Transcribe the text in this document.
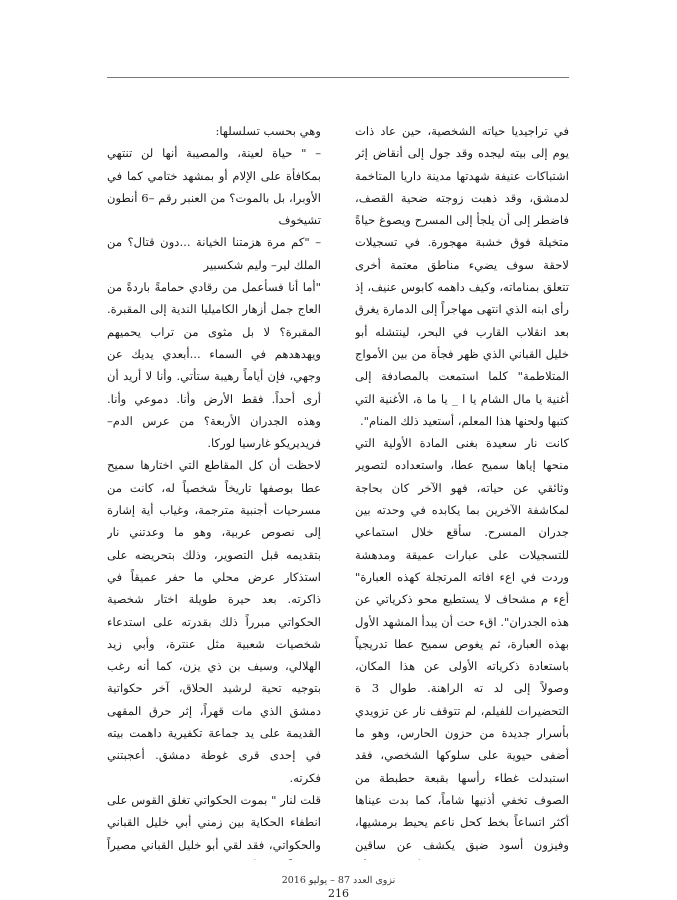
في تراجيديا حياته الشخصية، حين عاد ذات يوم إلى بيته ليجده وقد جول إلى أنقاض إثر اشتباكات عنيفة شهدتها مدينة داريا المتاخمة لدمشق، وقد ذهبت زوجته ضحية القصف، فاضطر إلى أن يلجأ إلى المسرح ويصوغ حياةً متخيلة فوق خشبة مهجورة. في تسجيلات لاحقة سوف يضيء مناطق معتمة أخرى تتعلق بمناماته، وكيف داهمه كابوس عنيف، إذ رأى ابنه الذي انتهى مهاجراً إلى الدمارة يغرق بعد انقلاب القارب في البحر، لينتشله أبو خليل القباني الذي ظهر فجأة من بين الأمواج المتلاطمة" كلما استمعت بالمصادفة إلى أغنية يا مال الشام يا ا _ يا ما ة، الأغنية التي كتبها ولحنها هذا المعلم، أستعيد ذلك المنام".

كانت نار سعيدة بغنى المادة الأولية التي منحها إياها سميح عطا، واستعداده لتصوير وثائقي عن حياته، فهو الآخر كان بحاجة لمكاشفة الآخرين بما يكابده في وحدته بين جدران المسرح. سأقع خلال استماعي للتسجيلات على عبارات عميقة ومدهشة وردت في اعء افاته المرتجلة كهذه العبارة" أعء م مشحاف لا يستطيع محو ذكرياتي عن هذه الجدران". اقء حت أن يبدأ المشهد الأول بهذه العبارة، ثم يغوص سميح عطا تدريجياً باستعادة ذكرياته الأولى عن هذا المكان، وصولاً إلى لد ته الراهنة. طوال 3 ة التحضيرات للفيلم، لم تتوقف نار عن تزويدي بأسرار جديدة من حزون الحارس، وهو ما أضفى حيوية على سلوكها الشخصي، فقد استبدلت غطاء رأسها بقبعة حطبطة من الصوف تخفي أذنيها شاماً، كما بدت عيناها أكثر اتساعاً بخط كحل ناعم يحيط برمشيها، وفيزون أسود ضيق يكشف عن ساقين

وهي بحسب تسلسلها:

– " حياة لعينة، والمصيبة أنها لن تنتهي بمكافأة على الإلام أو بمشهد ختامي كما في الأوبرا، بل بالموت؟ من العنبر رقم –6 أنطون تشيخوف

– "كم مرة هزمتنا الخيانة ...دون قتال؟ من الملك لير– وليم شكسبير

"أما أنا فسأعمل من رقادي حمامةً باردةً من العاج جمل أزهار الكاميليا الندية إلى المقبرة. المقبرة؟ لا بل مثوى من تراب يحميهم ويهدهدهم في السماء ...أبعدي يديك عن وجهي، فإن أياماً رهيبة ستأتي. وأنا لا أريد أن أرى أحداً. فقط الأرض وأنا. دموعي وأنا. وهذه الجدران الأربعة؟ من عرس الدم– فريديريكو غارسيا لوركا.

لاحظت أن كل المقاطع التي اختارها سميح عطا بوصفها تاريخاً شخصياً له، كانت من مسرحيات أجنبية مترجمة، وغياب أية إشارة إلى نصوص عربية، وهو ما وعدتني نار بتقديمه قبل التصوير، وذلك بتحريضه على استذكار عرض محلي ما حفر عميقاً في ذاكرته. بعد حيرة طويلة اختار شخصية الحكواتي مبرراً ذلك بقدرته على استدعاء شخصيات شعبية مثل عنترة، وأبي زيد الهلالي، وسيف بن ذي يزن، كما أنه رغب بتوجيه تحية لرشيد الحلاق، آخر حكواتية دمشق الذي مات قهراً، إثر حرق المقهى القديمة على يد جماعة تكفيرية داهمت بيته في إحدى قرى غوطة دمشق. أعجبتني فكرته.

قلت لنار " بموت الحكواتي تغلق القوس على انطفاء الحكاية بين زمني أبي خليل القباني والحكواتي، فقد لقي أبو خليل القباني مصيراً

نزوى العدد 87 – يوليو 2016
216
